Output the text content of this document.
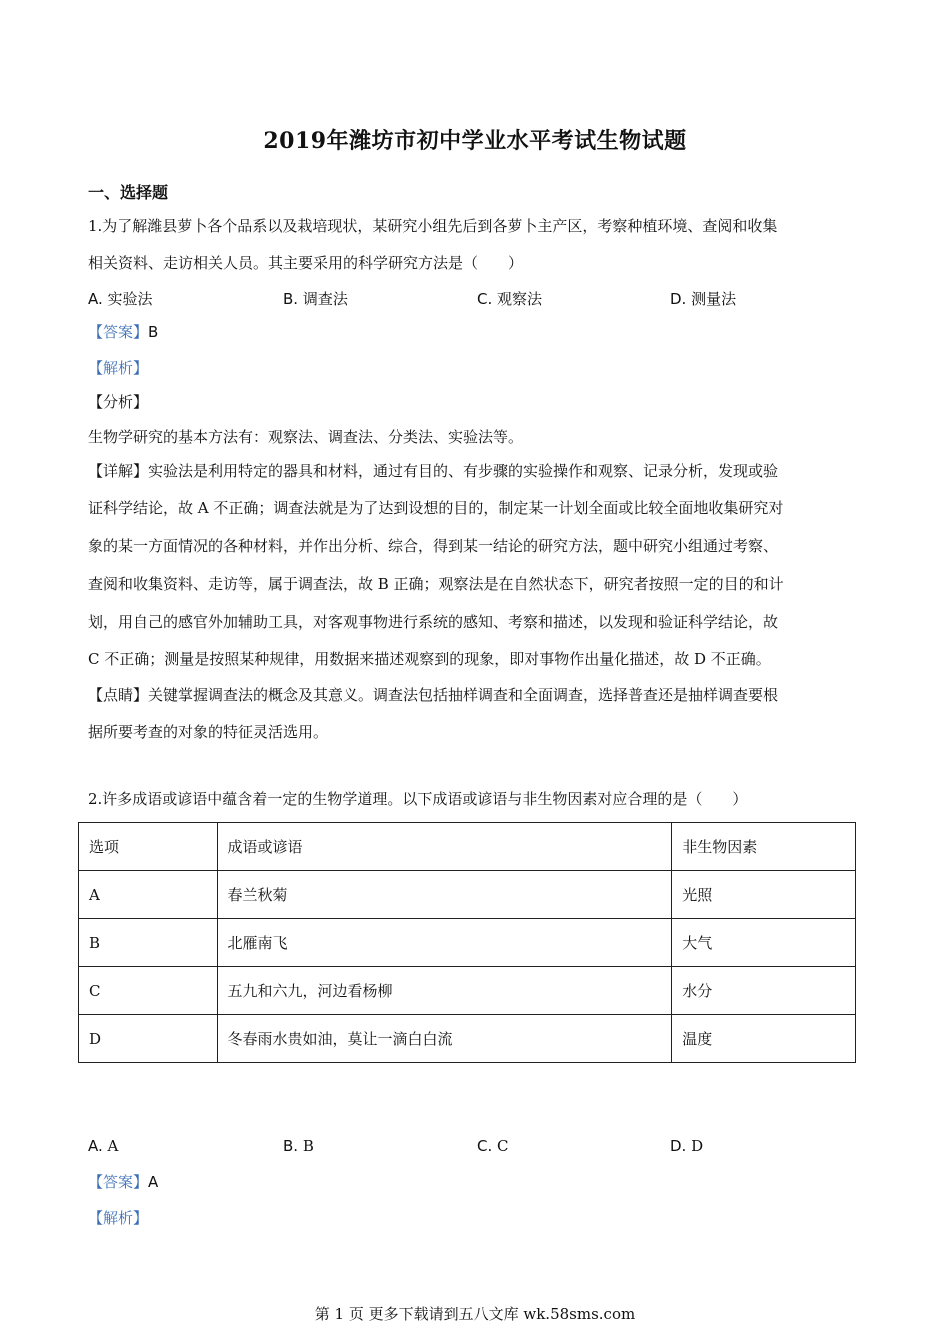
2019年潍坊市初中学业水平考试生物试题
一、选择题
1.为了解潍县萝卜各个品系以及栽培现状，某研究小组先后到各萝卜主产区，考察种植环境、查阅和收集
相关资料、走访相关人员。其主要采用的科学研究方法是（　　）
A. 实验法	B. 调查法	C. 观察法	D. 测量法
【答案】B
【解析】
【分析】
生物学研究的基本方法有：观察法、调查法、分类法、实验法等。
【详解】实验法是利用特定的器具和材料，通过有目的、有步骤的实验操作和观察、记录分析，发现或验
证科学结论，故 A 不正确；调查法就是为了达到设想的目的，制定某一计划全面或比较全面地收集研究对
象的某一方面情况的各种材料，并作出分析、综合，得到某一结论的研究方法，题中研究小组通过考察、
查阅和收集资料、走访等，属于调查法，故 B 正确；观察法是在自然状态下，研究者按照一定的目的和计
划，用自己的感官外加辅助工具，对客观事物进行系统的感知、考察和描述，以发现和验证科学结论，故
C 不正确；测量是按照某种规律，用数据来描述观察到的现象，即对事物作出量化描述，故 D 不正确。
【点睛】关键掌握调查法的概念及其意义。调查法包括抽样调查和全面调查，选择普查还是抽样调查要根
据所要考查的对象的特征灵活选用。
2.许多成语或谚语中蕴含着一定的生物学道理。以下成语或谚语与非生物因素对应合理的是（　　）
选项	成语或谚语	非生物因素
A	春兰秋菊	光照
B	北雁南飞	大气
C	五九和六九，河边看杨柳	水分
D	冬春雨水贵如油，莫让一滴白白流	温度
A. A	B. B	C. C	D. D
【答案】A
【解析】
第 1 页 更多下载请到五八文库 wk.58sms.com
